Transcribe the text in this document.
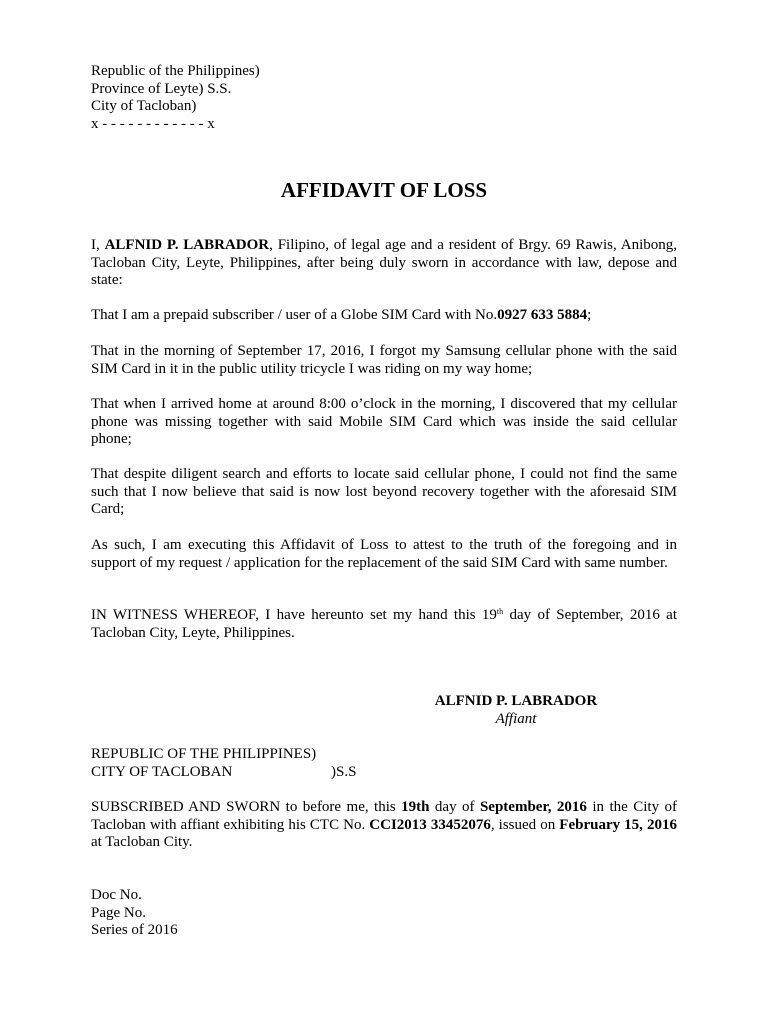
Republic of the Philippines)
Province of Leyte) S.S.
City of Tacloban)
x - - - - - - - - - - - - x
AFFIDAVIT OF LOSS

I, ALFNID P. LABRADOR, Filipino, of legal age and a resident of Brgy. 69 Rawis, Anibong, Tacloban City, Leyte, Philippines, after being duly sworn in accordance with law, depose and state:

That I am a prepaid subscriber / user of a Globe SIM Card with No.0927 633 5884;

That in the morning of September 17, 2016, I forgot my Samsung cellular phone with the said SIM Card in it in the public utility tricycle I was riding on my way home;

That when I arrived home at around 8:00 o’clock in the morning, I discovered that my cellular phone was missing together with said Mobile SIM Card which was inside the said cellular phone;

That despite diligent search and efforts to locate said cellular phone, I could not find the same such that I now believe that said is now lost beyond recovery together with the aforesaid SIM Card;

As such, I am executing this Affidavit of Loss to attest to the truth of the foregoing and in support of my request / application for the replacement of the said SIM Card with same number.

IN WITNESS WHEREOF, I have hereunto set my hand this 19th day of September, 2016 at Tacloban City, Leyte, Philippines.

ALFNID P. LABRADOR
Affiant
REPUBLIC OF THE PHILIPPINES)
CITY OF TACLOBAN	)S.S

SUBSCRIBED AND SWORN to before me, this 19th day of September, 2016 in the City of Tacloban with affiant exhibiting his CTC No. CCI2013 33452076, issued on February 15, 2016 at Tacloban City.

Doc No.
Page No.
Series of 2016
